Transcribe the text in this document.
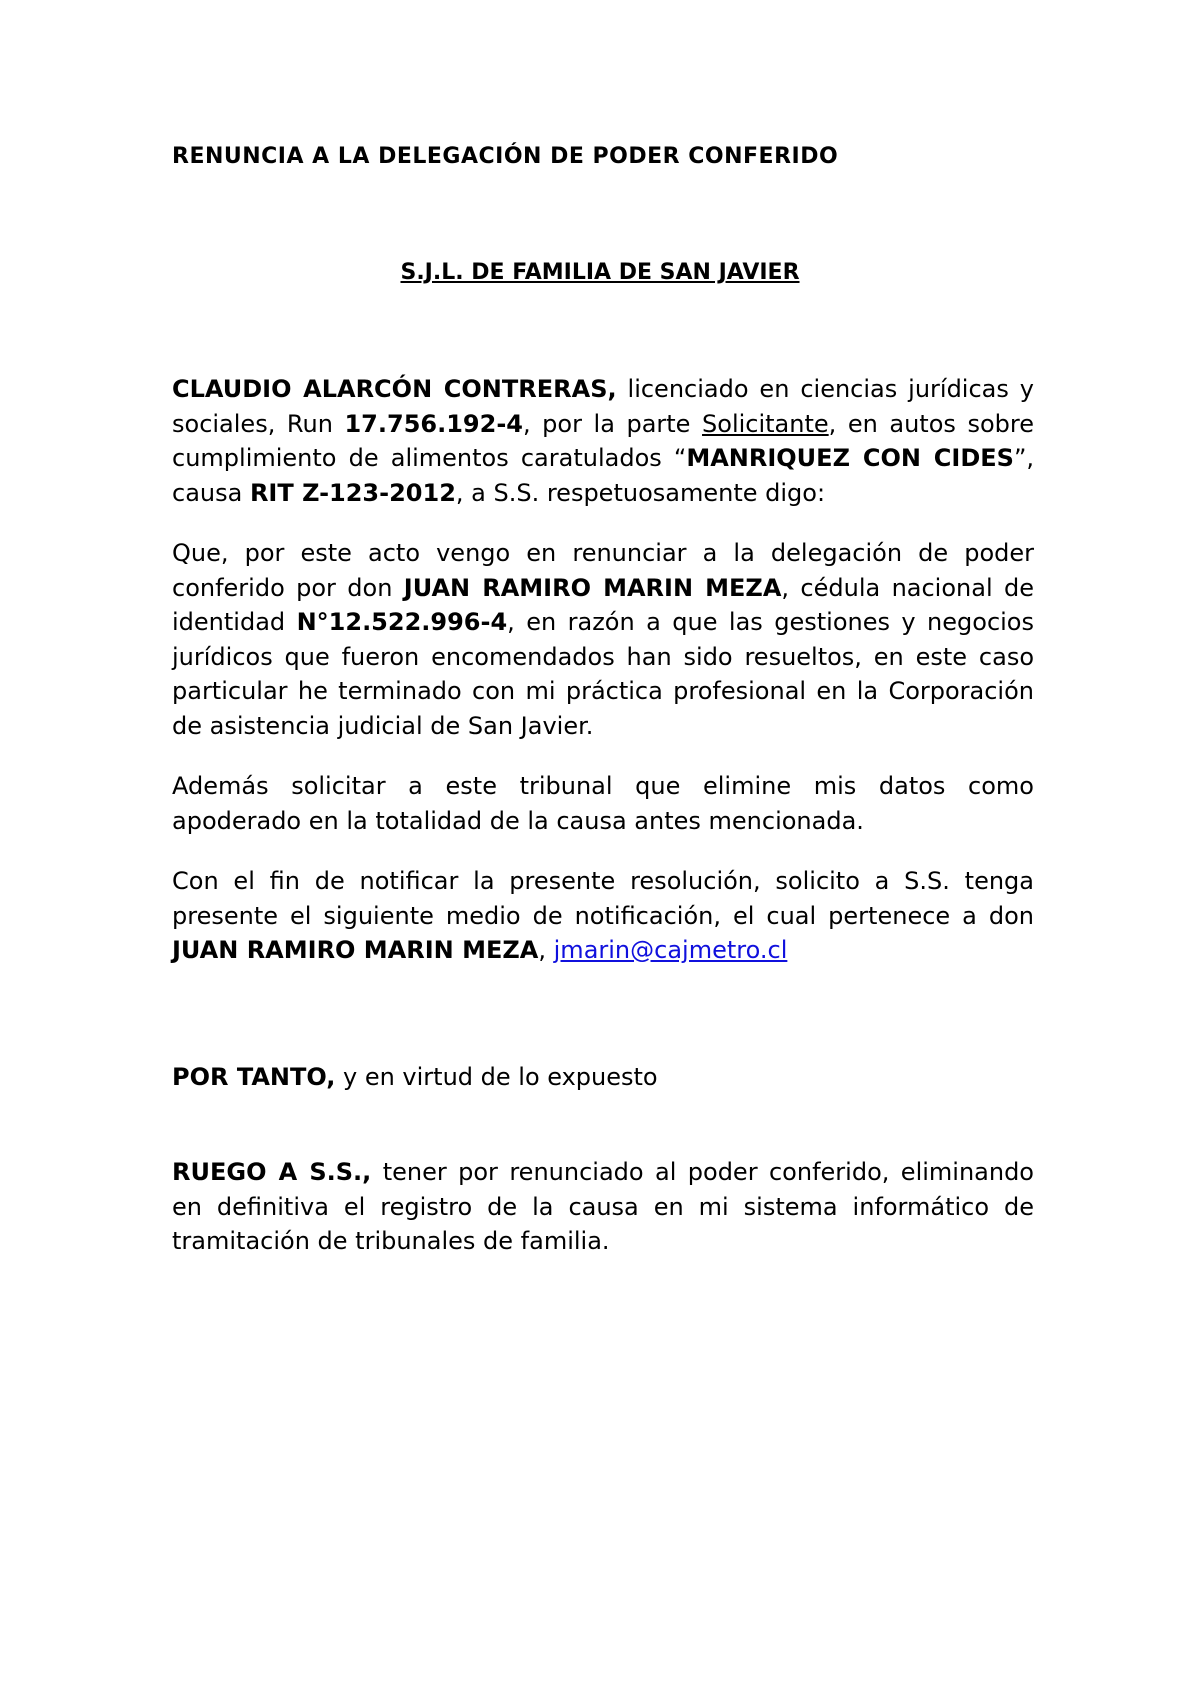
RENUNCIA A LA DELEGACIÓN DE PODER CONFERIDO
S.J.L. DE FAMILIA DE SAN JAVIER

CLAUDIO ALARCÓN CONTRERAS, licenciado en ciencias jurídicas y sociales, Run 17.756.192-4, por la parte Solicitante, en autos sobre cumplimiento de alimentos caratulados “MANRIQUEZ CON CIDES”, causa RIT Z-123-2012, a S.S. respetuosamente digo:

Que, por este acto vengo en renunciar a la delegación de poder conferido por don JUAN RAMIRO MARIN MEZA, cédula nacional de identidad N°12.522.996-4, en razón a que las gestiones y negocios jurídicos que fueron encomendados han sido resueltos, en este caso particular he terminado con mi práctica profesional en la Corporación de asistencia judicial de San Javier.

Además solicitar a este tribunal que elimine mis datos como apoderado en la totalidad de la causa antes mencionada.

Con el fin de notificar la presente resolución, solicito a S.S. tenga presente el siguiente medio de notificación, el cual pertenece a don JUAN RAMIRO MARIN MEZA, jmarin@cajmetro.cl

POR TANTO, y en virtud de lo expuesto

RUEGO A S.S., tener por renunciado al poder conferido, eliminando en definitiva el registro de la causa en mi sistema informático de tramitación de tribunales de familia.
